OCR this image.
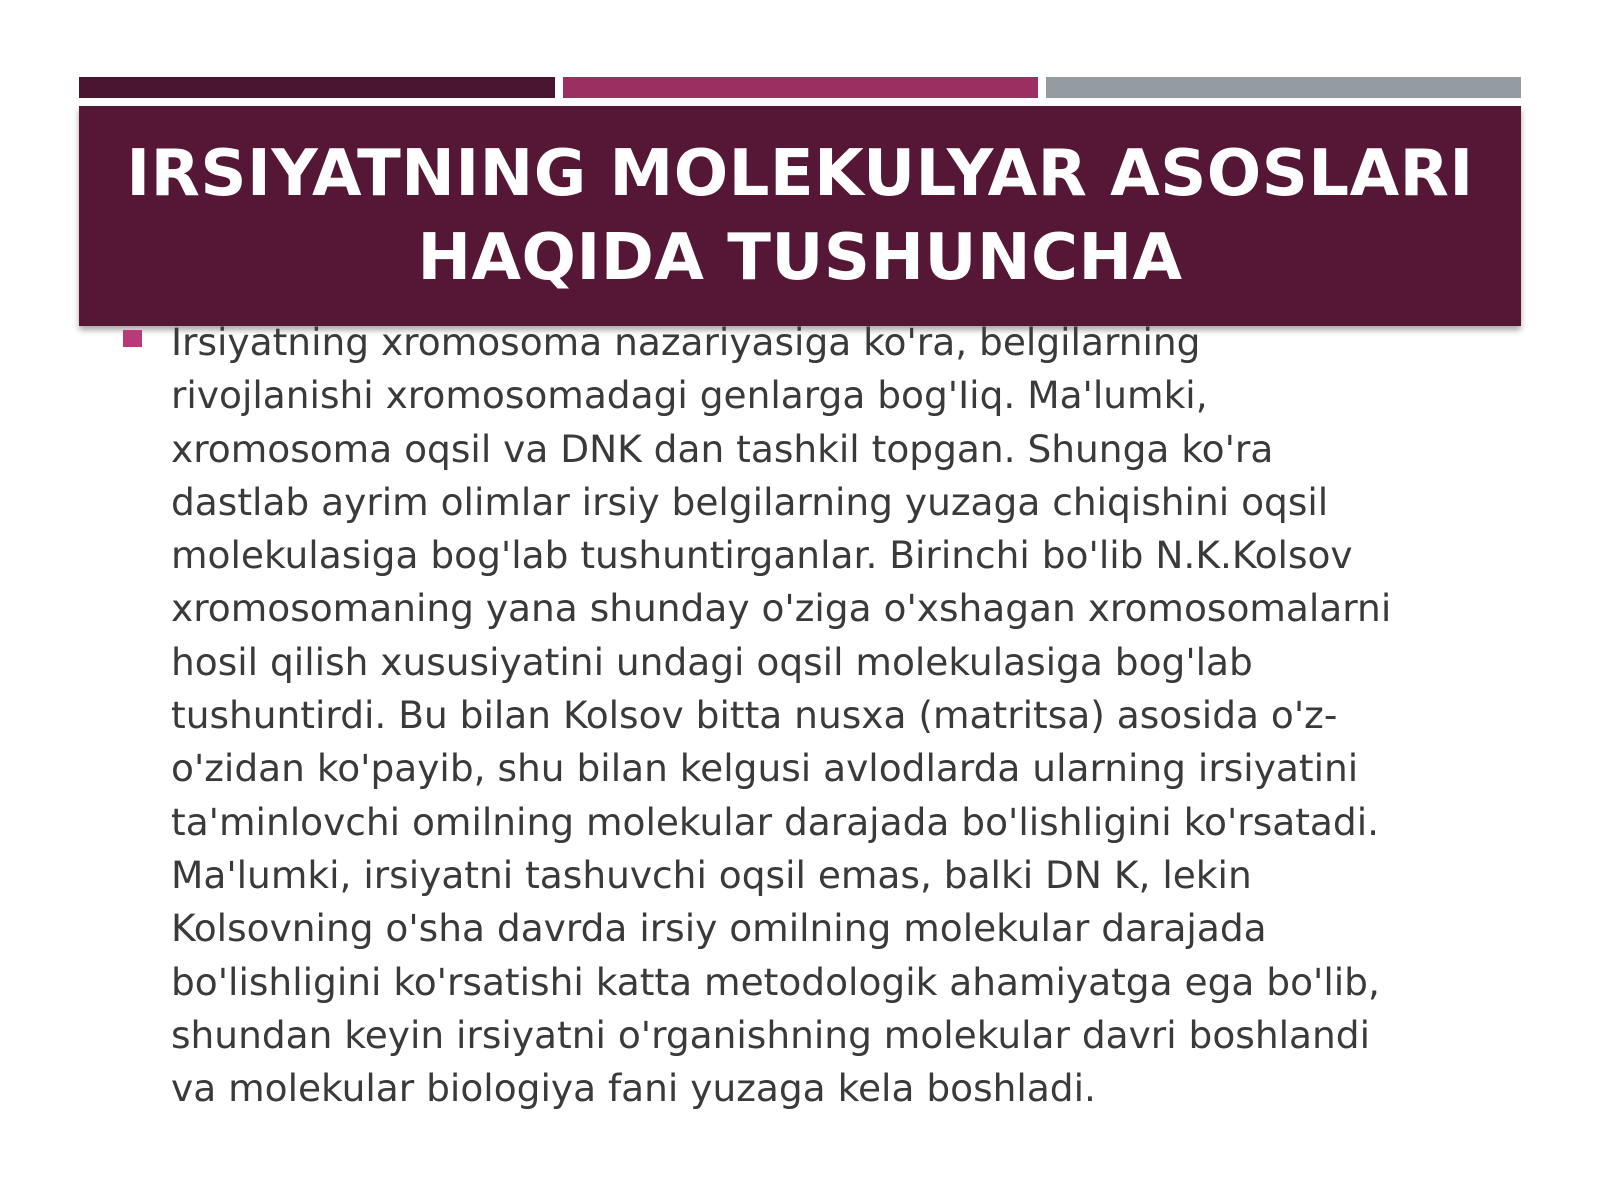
IRSIYATNING MOLEKULYAR ASOSLARI
HAQIDA TUSHUNCHA

Irsiyatning xromosoma nazariyasiga ko'ra, belgilarning
rivojlanishi xromosomadagi genlarga bog'Iiq. Ma'lumki,
xromosoma oqsil va DNK dan tashkil topgan. Shunga ko'ra
dastlab ayrim olimlar irsiy belgilarning yuzaga chiqishini oqsil
molekulasiga bog'lab tushuntirganlar. Birinchi bo'lib N.K.Kolsov
xromosomaning yana shunday o'ziga o'xshagan xromosomalarni
hosil qilish xususiyatini undagi oqsil molekulasiga bog'lab
tushuntirdi. Bu bilan Kolsov bitta nusxa (matritsa) asosida o'z-
o'zidan ko'payib, shu bilan kelgusi avlodlarda ularning irsiyatini
ta'minlovchi omilning molekular darajada bo'lishligini ko'rsatadi.
Ma'lumki, irsiyatni tashuvchi oqsil emas, balki DN K, lekin
Kolsovning o'sha davrda irsiy omilning molekular darajada
bo'lishligini ko'rsatishi katta metodologik ahamiyatga ega bo'lib,
shundan keyin irsiyatni o'rganishning molekular davri boshlandi
va molekular biologiya fani yuzaga kela boshladi.
